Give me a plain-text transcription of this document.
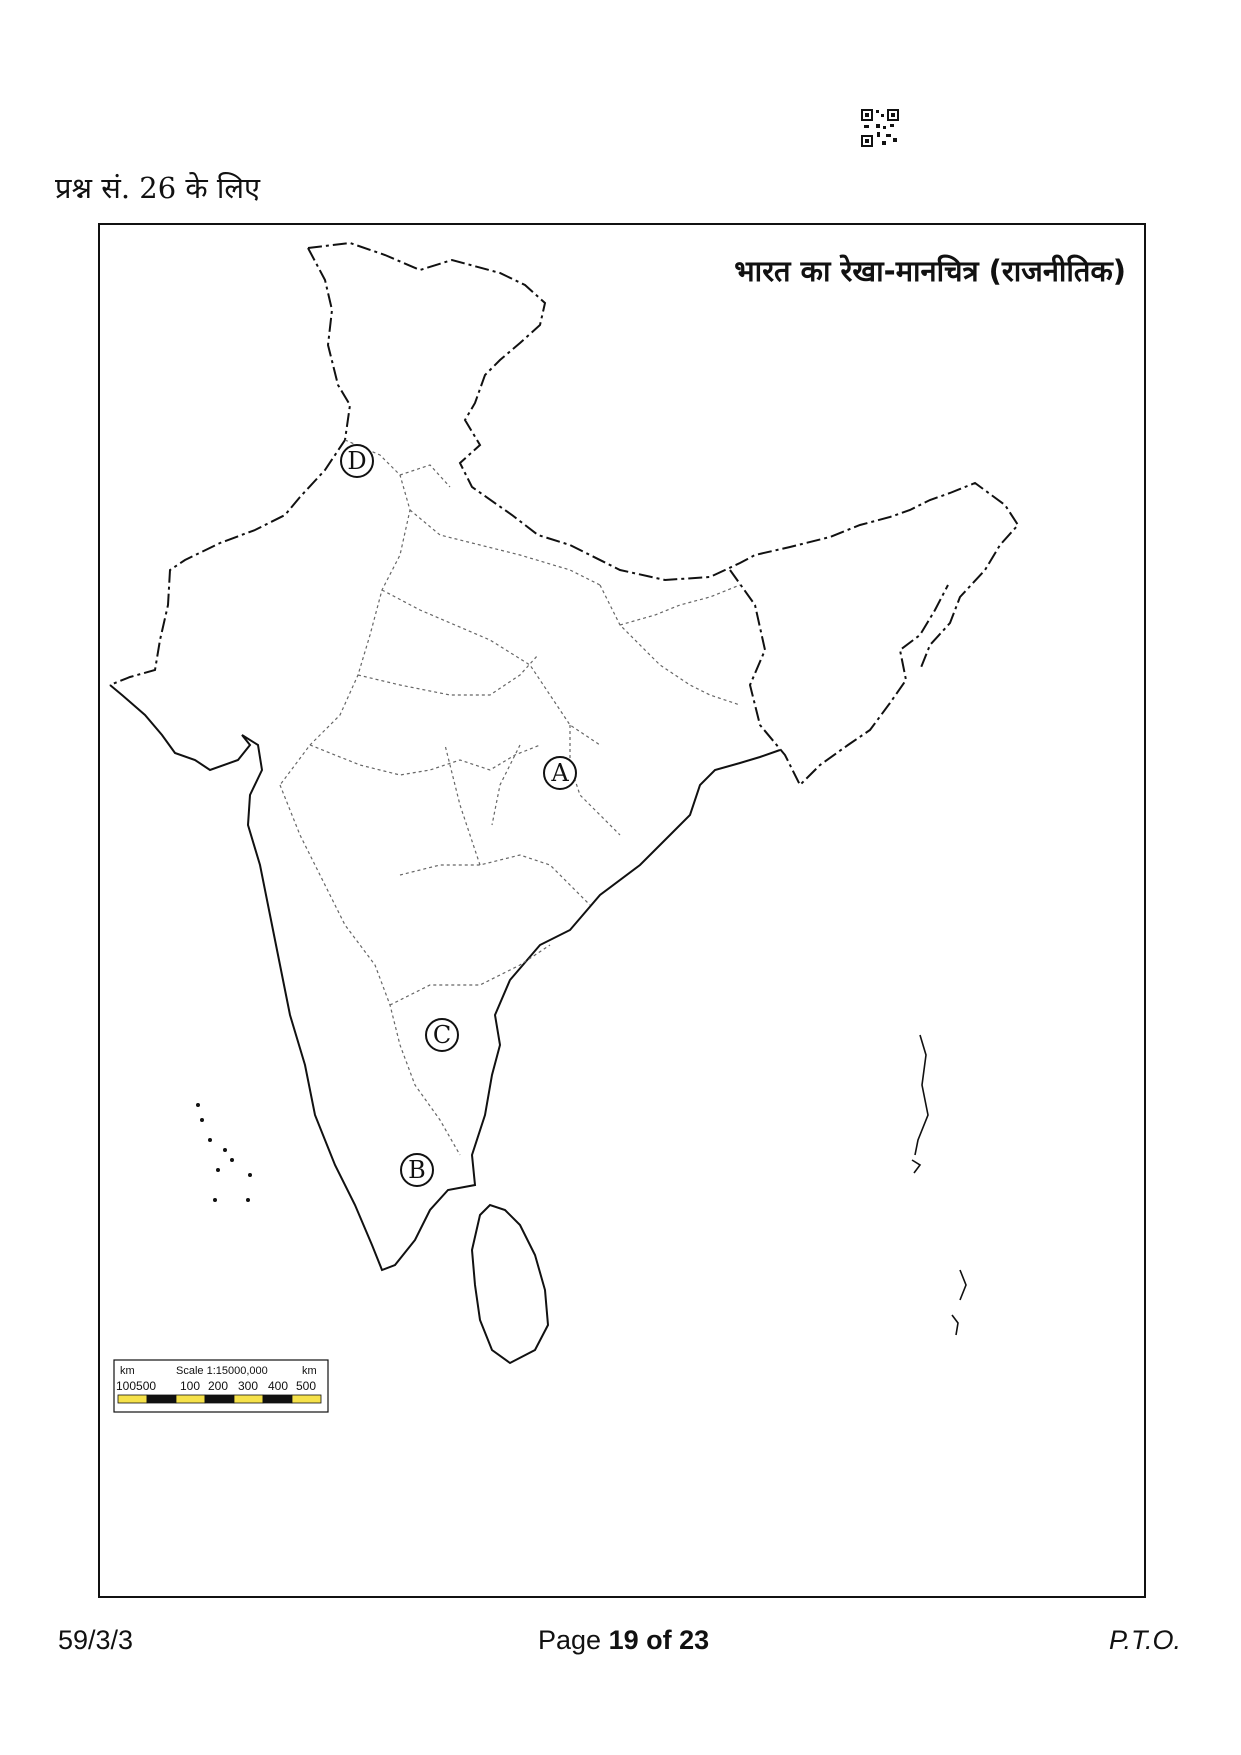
प्रश्न सं. 26 के लिए
भारत का रेखा-मानचित्र (राजनीतिक)
A
B
C
D
km	Scale 1:15000,000	km
100500 100 200 300 400 500
59/3/3	Page 19 of 23	P.T.O.
